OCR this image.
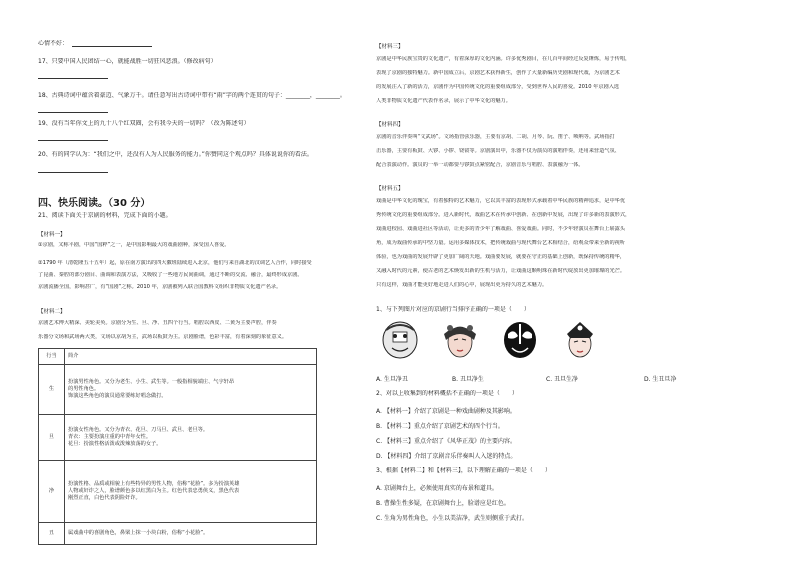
心情不好：
17、只要中国人民团结一心，就能战胜一切狂风恶浪。（修改病句）
18、古典诗词中蕴含着豪迈、气象万千。请任意写出古诗词中带有“雨”字的两个连贯的句子：________，________。
19、没有当年你文上的九十八个红双圈，会有我今天的一切吗？（改为陈述句）
20、有的同学认为：“我们之中，还没有人为人民服务的能力。”你赞同这个观点吗？具体说说你的看法。
四、快乐阅读。（30 分）
21、阅读下面关于京剧的材料，完成下面的小题。
【材料一】
①京剧，又称平剧，中国“国粹”之一，是中国影响最大的戏曲剧种，深受国人喜爱。
②1790 年（清乾隆五十五年）起，原在南方演出的四大徽班陆续进入北京，他们与来自湖北的汉调艺人合作，同时接受
了昆曲、秦腔的部分剧目、曲调和表演方法，又吸收了一些地方民间曲调，通过不断的交流、融合，最终形成京剧。
京剧流播全国，影响甚广，有“国剧”之称。2010 年，京剧被列入联合国教科文组织非物质文化遗产名录。
【材料二】
京剧艺术博大精深、美轮美奂。京剧分为生、旦、净、丑四个行当。唱腔以西皮、二黄为主要声腔，伴奏
乐器分文场和武场两大类，文场以京胡为主，武场以板鼓为主。京剧脸谱，色彩丰富，有着深刻的象征意义。
行当	简介
生	扮演男性角色。又分为老生、小生、武生等。一般指相貌端庄、气宇轩昂
的男性角色。
饰演这些角色的演员通常要练好唱念做打。

旦	扮演女性角色。又分为青衣、花旦、刀马旦、武旦、老旦等。
青衣：主要扮演庄重的中青年女性。
花旦：扮演性格活泼或泼辣放荡的女子。

净	扮演性格、品质或相貌上有些特异的男性人物，俗称“花脸”。多为扮演英雄
人物或奸诈之人，脸谱颜色多以红黑白为主。红色代表忠勇侠义，黑色代表
刚烈正直，白色代表阴险奸诈。

丑	属戏曲中的喜剧角色，鼻梁上抹一小块白粉，俗称“小花脸”。
【材料三】
京剧是中华民族宝贵的文化遗产，有着深厚的文化内涵。许多优秀剧目，在几百年间经过反复锤炼，易于传唱，
表现了京剧的独特魅力。新中国成立后，京剧艺术获得新生，创作了大量新编历史剧和现代戏，为京剧艺术
的发展注入了新的活力，京剧作为中国传统文化的重要组成部分，受到世界人民的喜爱。2010 年京剧入选
人类非物质文化遗产代表作名录，展示了中华文化的魅力。
【材料四】
京剧的音乐伴奏叫“文武场”。文场指管弦乐器，主要有京胡、二胡、月琴、阮、笛子、唢呐等。武场指打
击乐器，主要有板鼓、大锣、小锣、铙钹等。京剧演出中，乐器不仅为演员的演唱伴奏，还用来营造气氛、
配合表演动作。演员的一举一动都要与锣鼓点紧密配合，京剧音乐与唱腔、表演融为一体。
【材料五】
戏曲是中华文化的瑰宝，有着独特的艺术魅力，它以其丰富的表现形式承载着中华民族的精神追求，是中华优
秀传统文化的重要组成部分。进入新时代，戏曲艺术在传承中创新、在创新中发展，出现了许多新的表演形式，
戏曲进校园、戏曲进社区等活动，让更多的青少年了解戏曲、喜爱戏曲。同时，不少年轻演员在舞台上崭露头
角，成为戏曲传承的中坚力量。运用多媒体技术，把传统戏曲与现代舞台艺术相结合，给观众带来全新的视听
体验，也为戏曲的发展开辟了更加广阔的天地。戏曲要发展，就要在守正的基础上创新，既保持传统的精华，
又融入时代的元素，使古老的艺术焕发出新的生机与活力，让戏曲这颗明珠在新时代绽放出更加璀璨的光芒。
只有这样，戏曲才能更好地走进人们的心中，展现出更为持久的艺术魅力。
1、与下列图片对应的京剧行当排序正确的一项是（　　）
A. 生旦净丑	B. 丑旦净生	C. 丑旦生净	D. 生丑旦净
2、对以上收集到的材料概括不正确的一项是（　　）
A. 【材料一】介绍了京剧是一种戏曲剧种及其影响。
B. 【材料二】重点介绍了京剧艺术的四个行当。
C. 【材料三】重点介绍了《风华正茂》的主要内容。
D. 【材料四】介绍了京剧音乐伴奏叫人入迷的特点。
3、根据【材料二】和【材料三】，以下理解正确的一项是（　　）
A. 京剧舞台上，必须使用真实的布景和道具。
B. 曹操生性多疑，在京剧舞台上，脸谱应是红色。
C. 生角为男性角色，小生以美洁净，武生则侧重于武打。
